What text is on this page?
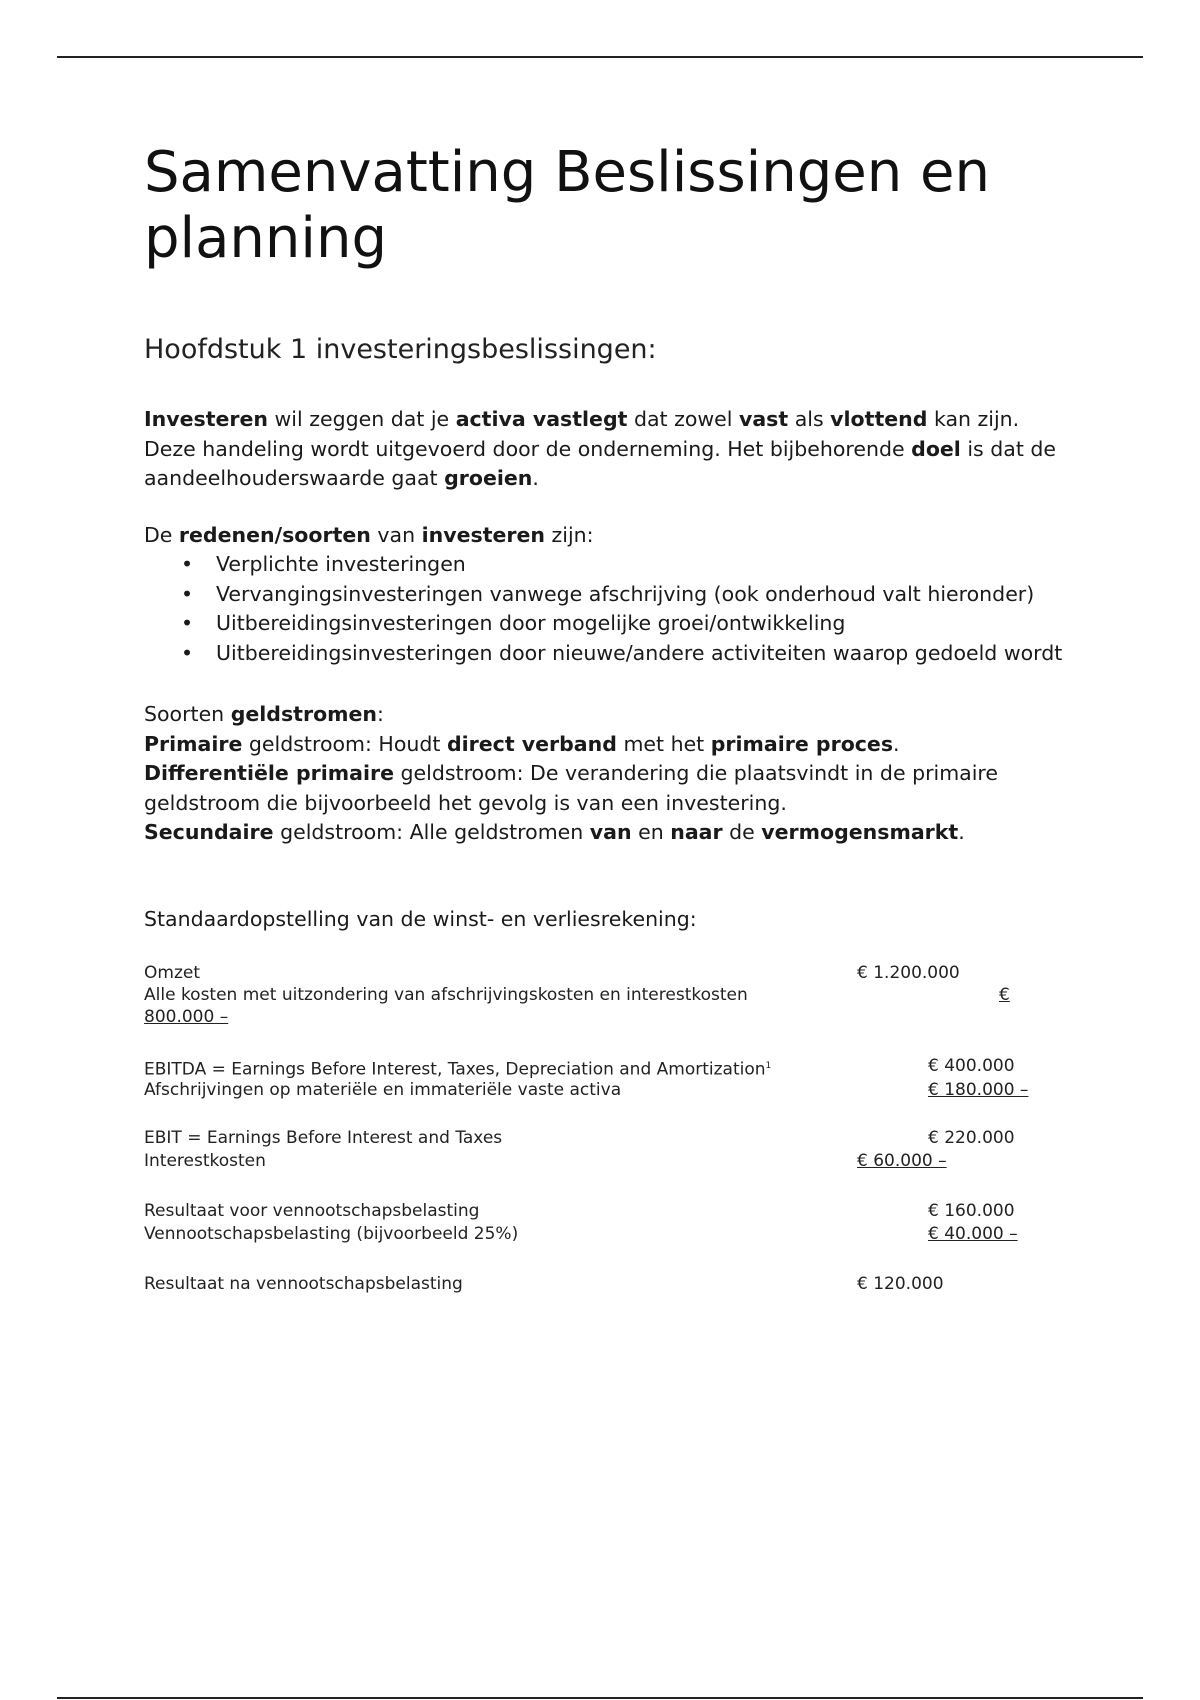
Samenvatting Beslissingen en planning
Hoofdstuk 1 investeringsbeslissingen:

Investeren wil zeggen dat je activa vastlegt dat zowel vast als vlottend kan zijn. Deze handeling wordt uitgevoerd door de onderneming. Het bijbehorende doel is dat de aandeelhouderswaarde gaat groeien.

De redenen/soorten van investeren zijn:

• Verplichte investeringen
• Vervangingsinvesteringen vanwege afschrijving (ook onderhoud valt hieronder)
• Uitbereidingsinvesteringen door mogelijke groei/ontwikkeling
• Uitbereidingsinvesteringen door nieuwe/andere activiteiten waarop gedoeld wordt
Soorten geldstromen:
Primaire geldstroom: Houdt direct verband met het primaire proces.
Differentiële primaire geldstroom: De verandering die plaatsvindt in de primaire geldstroom die bijvoorbeeld het gevolg is van een investering.
Secundaire geldstroom: Alle geldstromen van en naar de vermogensmarkt.

Standaardopstelling van de winst- en verliesrekening:

Omzet	€ 1.200.000
Alle kosten met uitzondering van afschrijvingskosten en interestkosten	€
800.000 –
EBITDA = Earnings Before Interest, Taxes, Depreciation and Amortization$^1$	€ 400.000
Afschrijvingen op materiële en immateriële vaste activa	€ 180.000 –
EBIT = Earnings Before Interest and Taxes	€ 220.000
Interestkosten	€ 60.000 –
Resultaat voor vennootschapsbelasting	€ 160.000
Vennootschapsbelasting (bijvoorbeeld 25%)	€ 40.000 –
Resultaat na vennootschapsbelasting	€ 120.000
